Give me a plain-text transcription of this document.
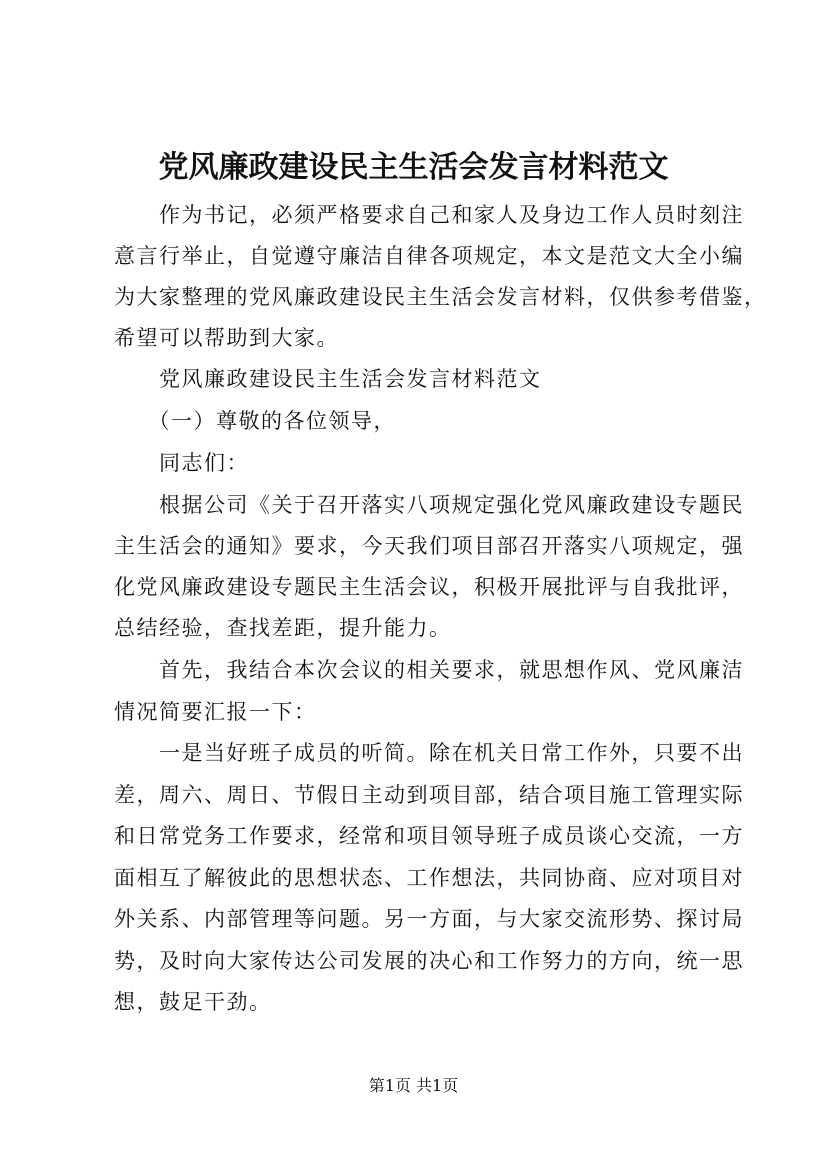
党风廉政建设民主生活会发言材料范文
　　作为书记，必须严格要求自己和家人及身边工作人员时刻注
意言行举止，自觉遵守廉洁自律各项规定，本文是范文大全小编
为大家整理的党风廉政建设民主生活会发言材料，仅供参考借鉴，
希望可以帮助到大家。
　　党风廉政建设民主生活会发言材料范文
　　（一）尊敬的各位领导，
　　同志们：
　　根据公司《关于召开落实八项规定强化党风廉政建设专题民
主生活会的通知》要求，今天我们项目部召开落实八项规定，强
化党风廉政建设专题民主生活会议，积极开展批评与自我批评，
总结经验，查找差距，提升能力。
　　首先，我结合本次会议的相关要求，就思想作风、党风廉洁
情况简要汇报一下：
　　一是当好班子成员的听简。除在机关日常工作外，只要不出
差，周六、周日、节假日主动到项目部，结合项目施工管理实际
和日常党务工作要求，经常和项目领导班子成员谈心交流，一方
面相互了解彼此的思想状态、工作想法，共同协商、应对项目对
外关系、内部管理等问题。另一方面，与大家交流形势、探讨局
势，及时向大家传达公司发展的决心和工作努力的方向，统一思
想，鼓足干劲。
第1页 共1页
